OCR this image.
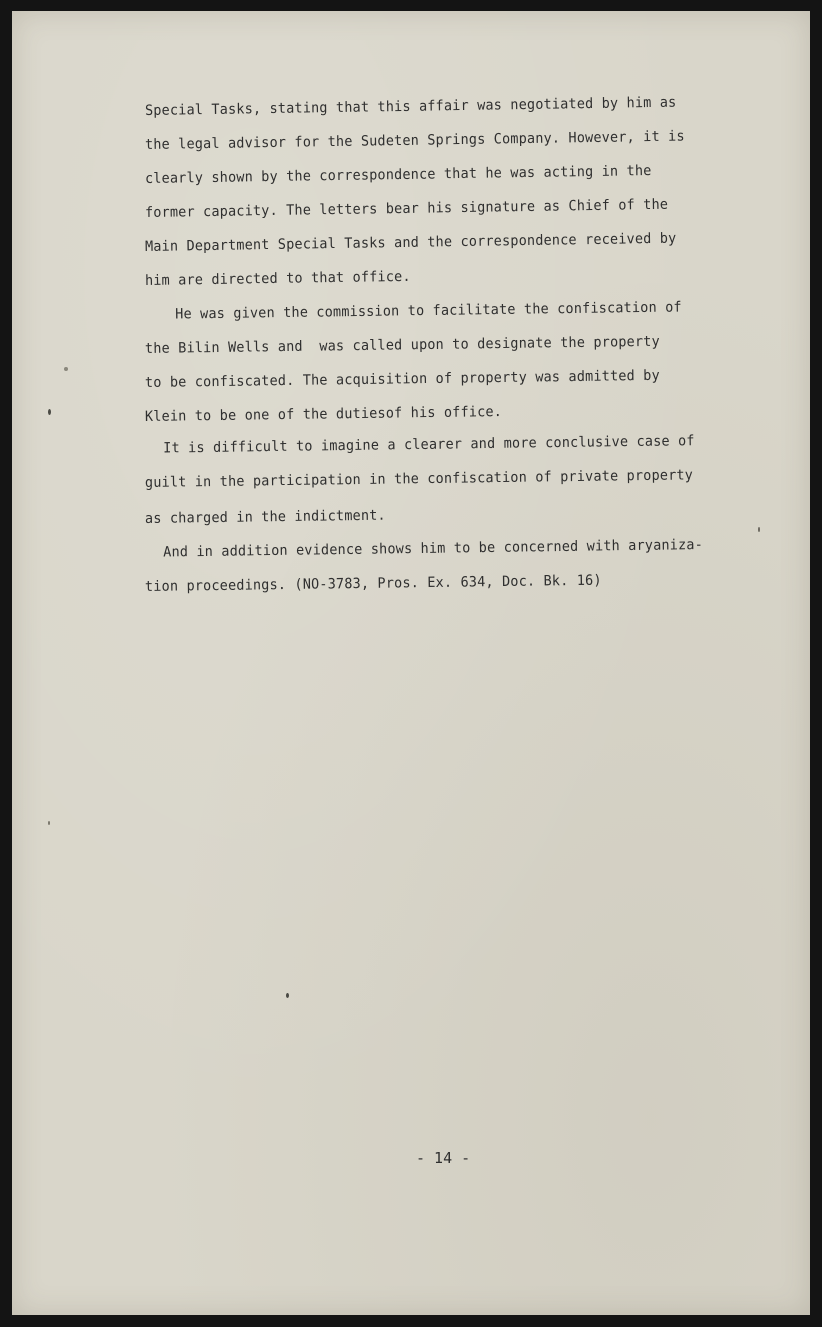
Special Tasks, stating that this affair was negotiated by him as
the legal advisor for the Sudeten Springs Company. However, it is
clearly shown by the correspondence that he was acting in the
former capacity. The letters bear his signature as Chief of the
Main Department Special Tasks and the correspondence received by
him are directed to that office.
He was given the commission to facilitate the confiscation of
the Bilin Wells and  was called upon to designate the property
to be confiscated. The acquisition of property was admitted by
Klein to be one of the dutiesof his office.
It is difficult to imagine a clearer and more conclusive case of
guilt in the participation in the confiscation of private property
as charged in the indictment.
And in addition evidence shows him to be concerned with aryaniza-
tion proceedings. (NO-3783, Pros. Ex. 634, Doc. Bk. 16)
- 14 -
